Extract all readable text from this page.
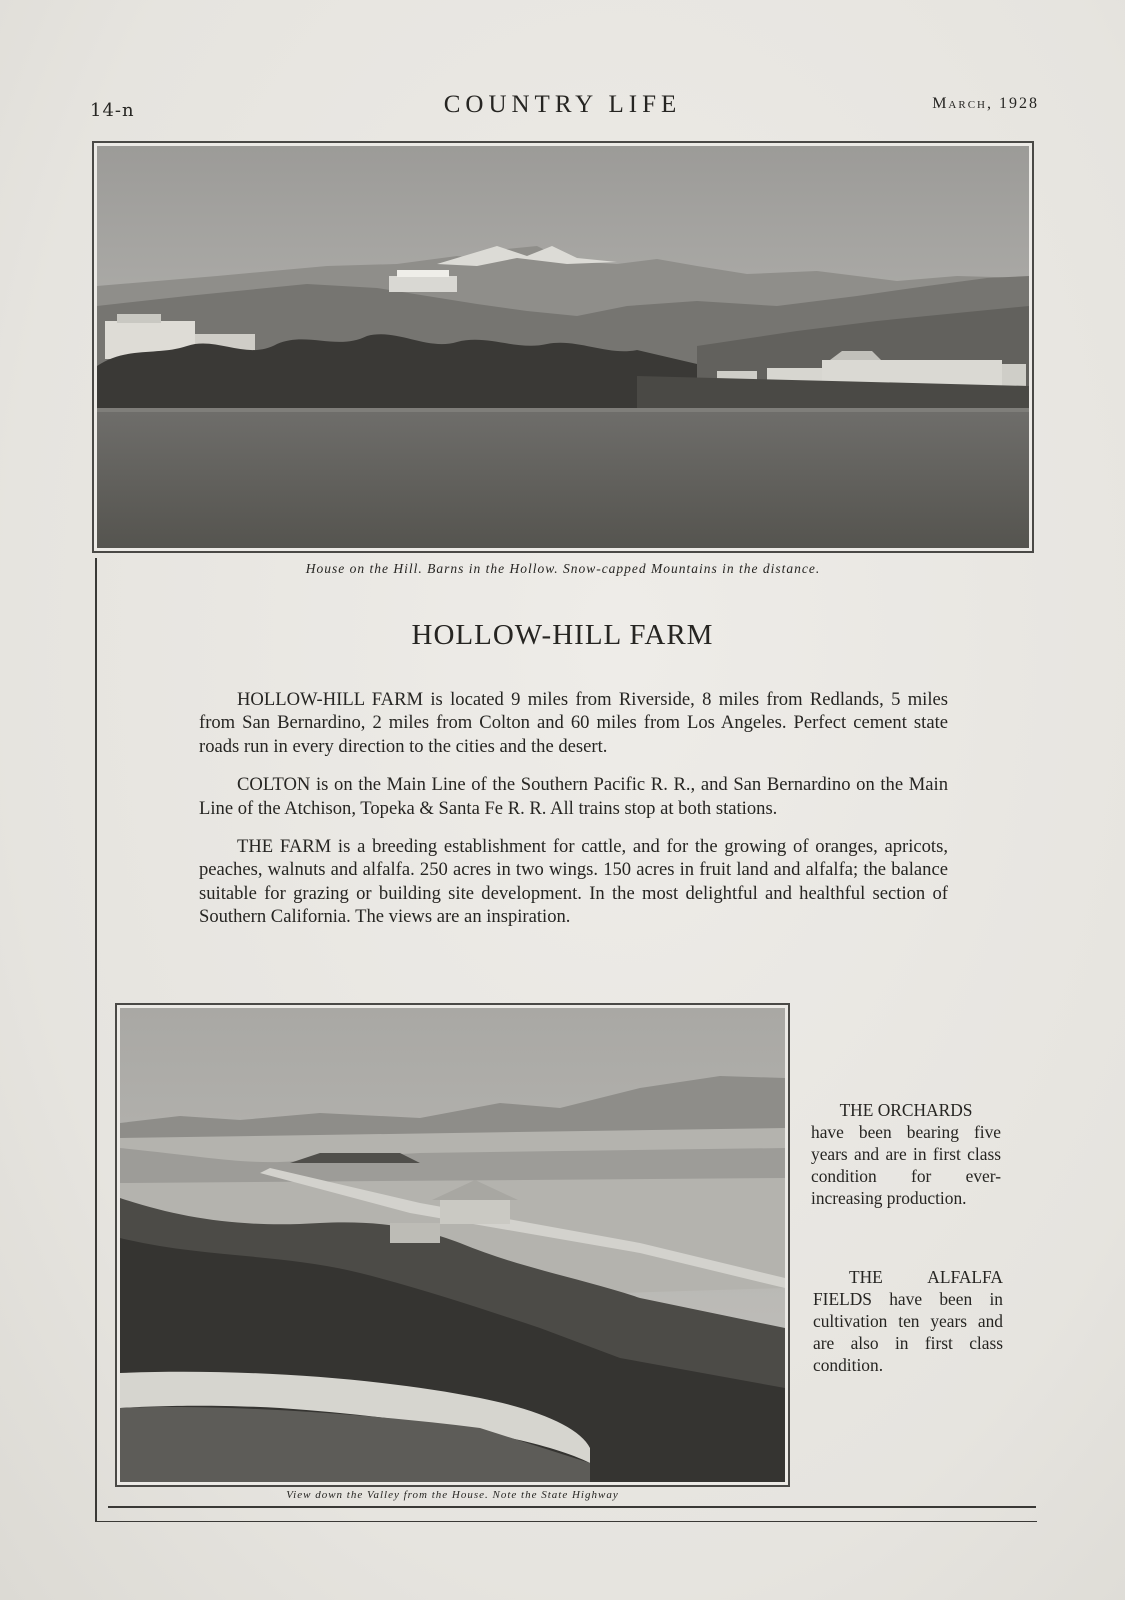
14-n	COUNTRY LIFE	March, 1928
House on the Hill. Barns in the Hollow. Snow-capped Mountains in the distance.
HOLLOW-HILL FARM

HOLLOW-HILL FARM is located 9 miles from Riverside, 8 miles from Redlands, 5 miles from San Bernardino, 2 miles from Colton and 60 miles from Los Angeles. Perfect cement state roads run in every direction to the cities and the desert.

COLTON is on the Main Line of the Southern Pacific R. R., and San Bernardino on the Main Line of the Atchison, Topeka & Santa Fe R. R. All trains stop at both stations.

THE FARM is a breeding establishment for cattle, and for the growing of oranges, apricots, peaches, walnuts and alfalfa. 250 acres in two wings. 150 acres in fruit land and alfalfa; the balance suitable for grazing or building site development. In the most delightful and healthful section of Southern California. The views are an inspiration.

View down the Valley from the House. Note the State Highway
THE ORCHARDS
have been bearing five years and are in first class condition for ever-increasing production.
THE ALFALFA FIELDS have been in cultivation ten years and are also in first class condition.
